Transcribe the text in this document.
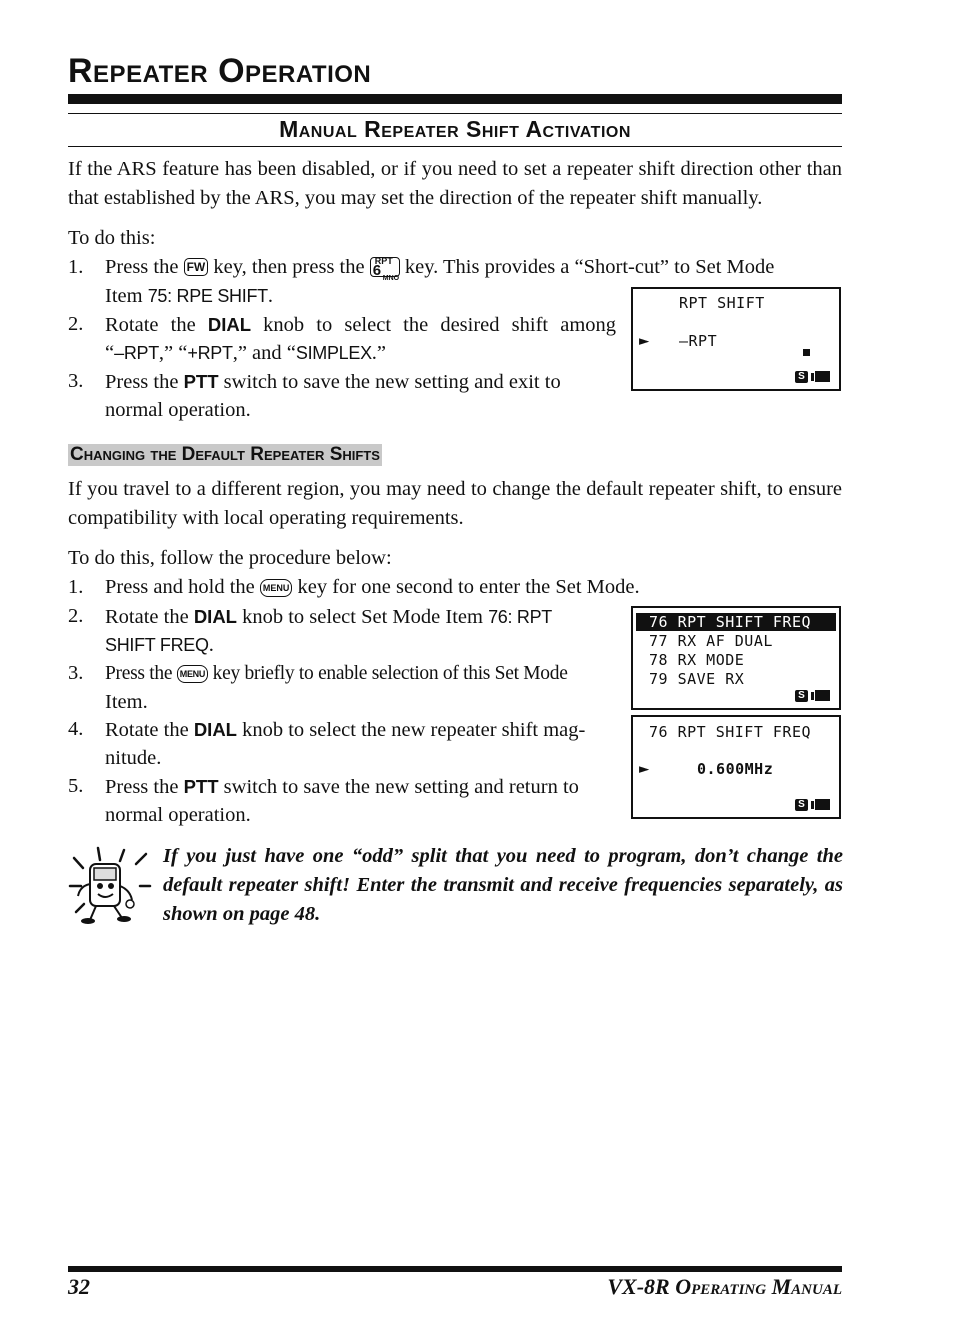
Repeater Operation
Manual Repeater Shift Activation
If the ARS feature has been disabled, or if you need to set a repeater shift direction other than that established by the ARS, you may set the direction of the repeater shift manually.
To do this:
1. Press the FW key, then press the RPT
6 MNO
key. This provides a “Short-cut” to Set Mode
Item 75: RPE SHIFT.
2. Rotate the DIAL knob to select the desired shift among
“–RPT,” “+RPT,” and “SIMPLEX.”
3. Press the PTT switch to save the new setting and exit to
normal operation.
RPT SHIFT
► –RPT
S
Changing the Default Repeater Shifts
If you travel to a different region, you may need to change the default repeater shift, to ensure compatibility with local operating requirements.
To do this, follow the procedure below:
1. Press and hold the MENU key for one second to enter the Set Mode.
2. Rotate the DIAL knob to select Set Mode Item 76: RPT
SHIFT FREQ.
3. Press the MENU key briefly to enable selection of this Set Mode
Item.
4. Rotate the DIAL knob to select the new repeater shift mag-
nitude.
5. Press the PTT switch to save the new setting and return to
normal operation.
76 RPT SHIFT FREQ
77 RX AF DUAL
78 RX MODE
79 SAVE RX
S
76 RPT SHIFT FREQ
►	0.600MHz
S
If you just have one “odd” split that you need to program, don’t change the default repeater shift! Enter the transmit and receive frequencies separately, as shown on page 48.
32	VX-8R Operating Manual
